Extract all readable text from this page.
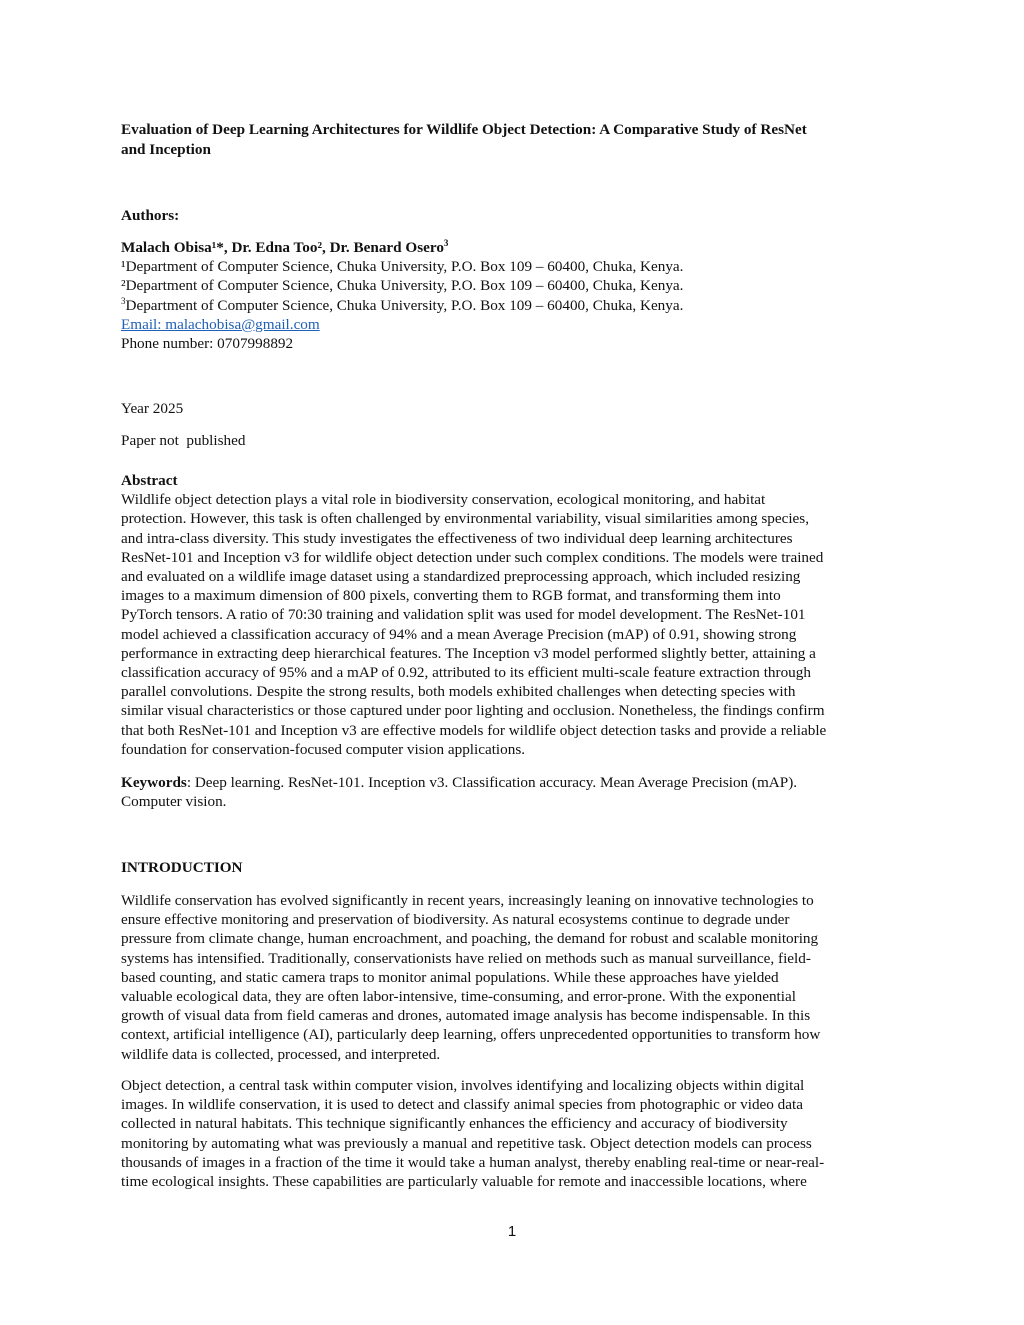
Evaluation of Deep Learning Architectures for Wildlife Object Detection: A Comparative Study of ResNet
and Inception
Authors:
Malach Obisa¹*, Dr. Edna Too², Dr. Benard Osero$^3$
¹Department of Computer Science, Chuka University, P.O. Box 109 – 60400, Chuka, Kenya.
²Department of Computer Science, Chuka University, P.O. Box 109 – 60400, Chuka, Kenya.
$^3$Department of Computer Science, Chuka University, P.O. Box 109 – 60400, Chuka, Kenya.
Email: malachobisa@gmail.com
Phone number: 0707998892
Year 2025
Paper not  published
Abstract
Wildlife object detection plays a vital role in biodiversity conservation, ecological monitoring, and habitat
protection. However, this task is often challenged by environmental variability, visual similarities among species,
and intra-class diversity. This study investigates the effectiveness of two individual deep learning architectures
ResNet-101 and Inception v3 for wildlife object detection under such complex conditions. The models were trained
and evaluated on a wildlife image dataset using a standardized preprocessing approach, which included resizing
images to a maximum dimension of 800 pixels, converting them to RGB format, and transforming them into
PyTorch tensors. A ratio of 70:30 training and validation split was used for model development. The ResNet-101
model achieved a classification accuracy of 94% and a mean Average Precision (mAP) of 0.91, showing strong
performance in extracting deep hierarchical features. The Inception v3 model performed slightly better, attaining a
classification accuracy of 95% and a mAP of 0.92, attributed to its efficient multi-scale feature extraction through
parallel convolutions. Despite the strong results, both models exhibited challenges when detecting species with
similar visual characteristics or those captured under poor lighting and occlusion. Nonetheless, the findings confirm
that both ResNet-101 and Inception v3 are effective models for wildlife object detection tasks and provide a reliable
foundation for conservation-focused computer vision applications.
Keywords: Deep learning. ResNet-101. Inception v3. Classification accuracy. Mean Average Precision (mAP).
Computer vision.
INTRODUCTION
Wildlife conservation has evolved significantly in recent years, increasingly leaning on innovative technologies to
ensure effective monitoring and preservation of biodiversity. As natural ecosystems continue to degrade under
pressure from climate change, human encroachment, and poaching, the demand for robust and scalable monitoring
systems has intensified. Traditionally, conservationists have relied on methods such as manual surveillance, field-
based counting, and static camera traps to monitor animal populations. While these approaches have yielded
valuable ecological data, they are often labor-intensive, time-consuming, and error-prone. With the exponential
growth of visual data from field cameras and drones, automated image analysis has become indispensable. In this
context, artificial intelligence (AI), particularly deep learning, offers unprecedented opportunities to transform how
wildlife data is collected, processed, and interpreted.
Object detection, a central task within computer vision, involves identifying and localizing objects within digital
images. In wildlife conservation, it is used to detect and classify animal species from photographic or video data
collected in natural habitats. This technique significantly enhances the efficiency and accuracy of biodiversity
monitoring by automating what was previously a manual and repetitive task. Object detection models can process
thousands of images in a fraction of the time it would take a human analyst, thereby enabling real-time or near-real-
time ecological insights. These capabilities are particularly valuable for remote and inaccessible locations, where
1
